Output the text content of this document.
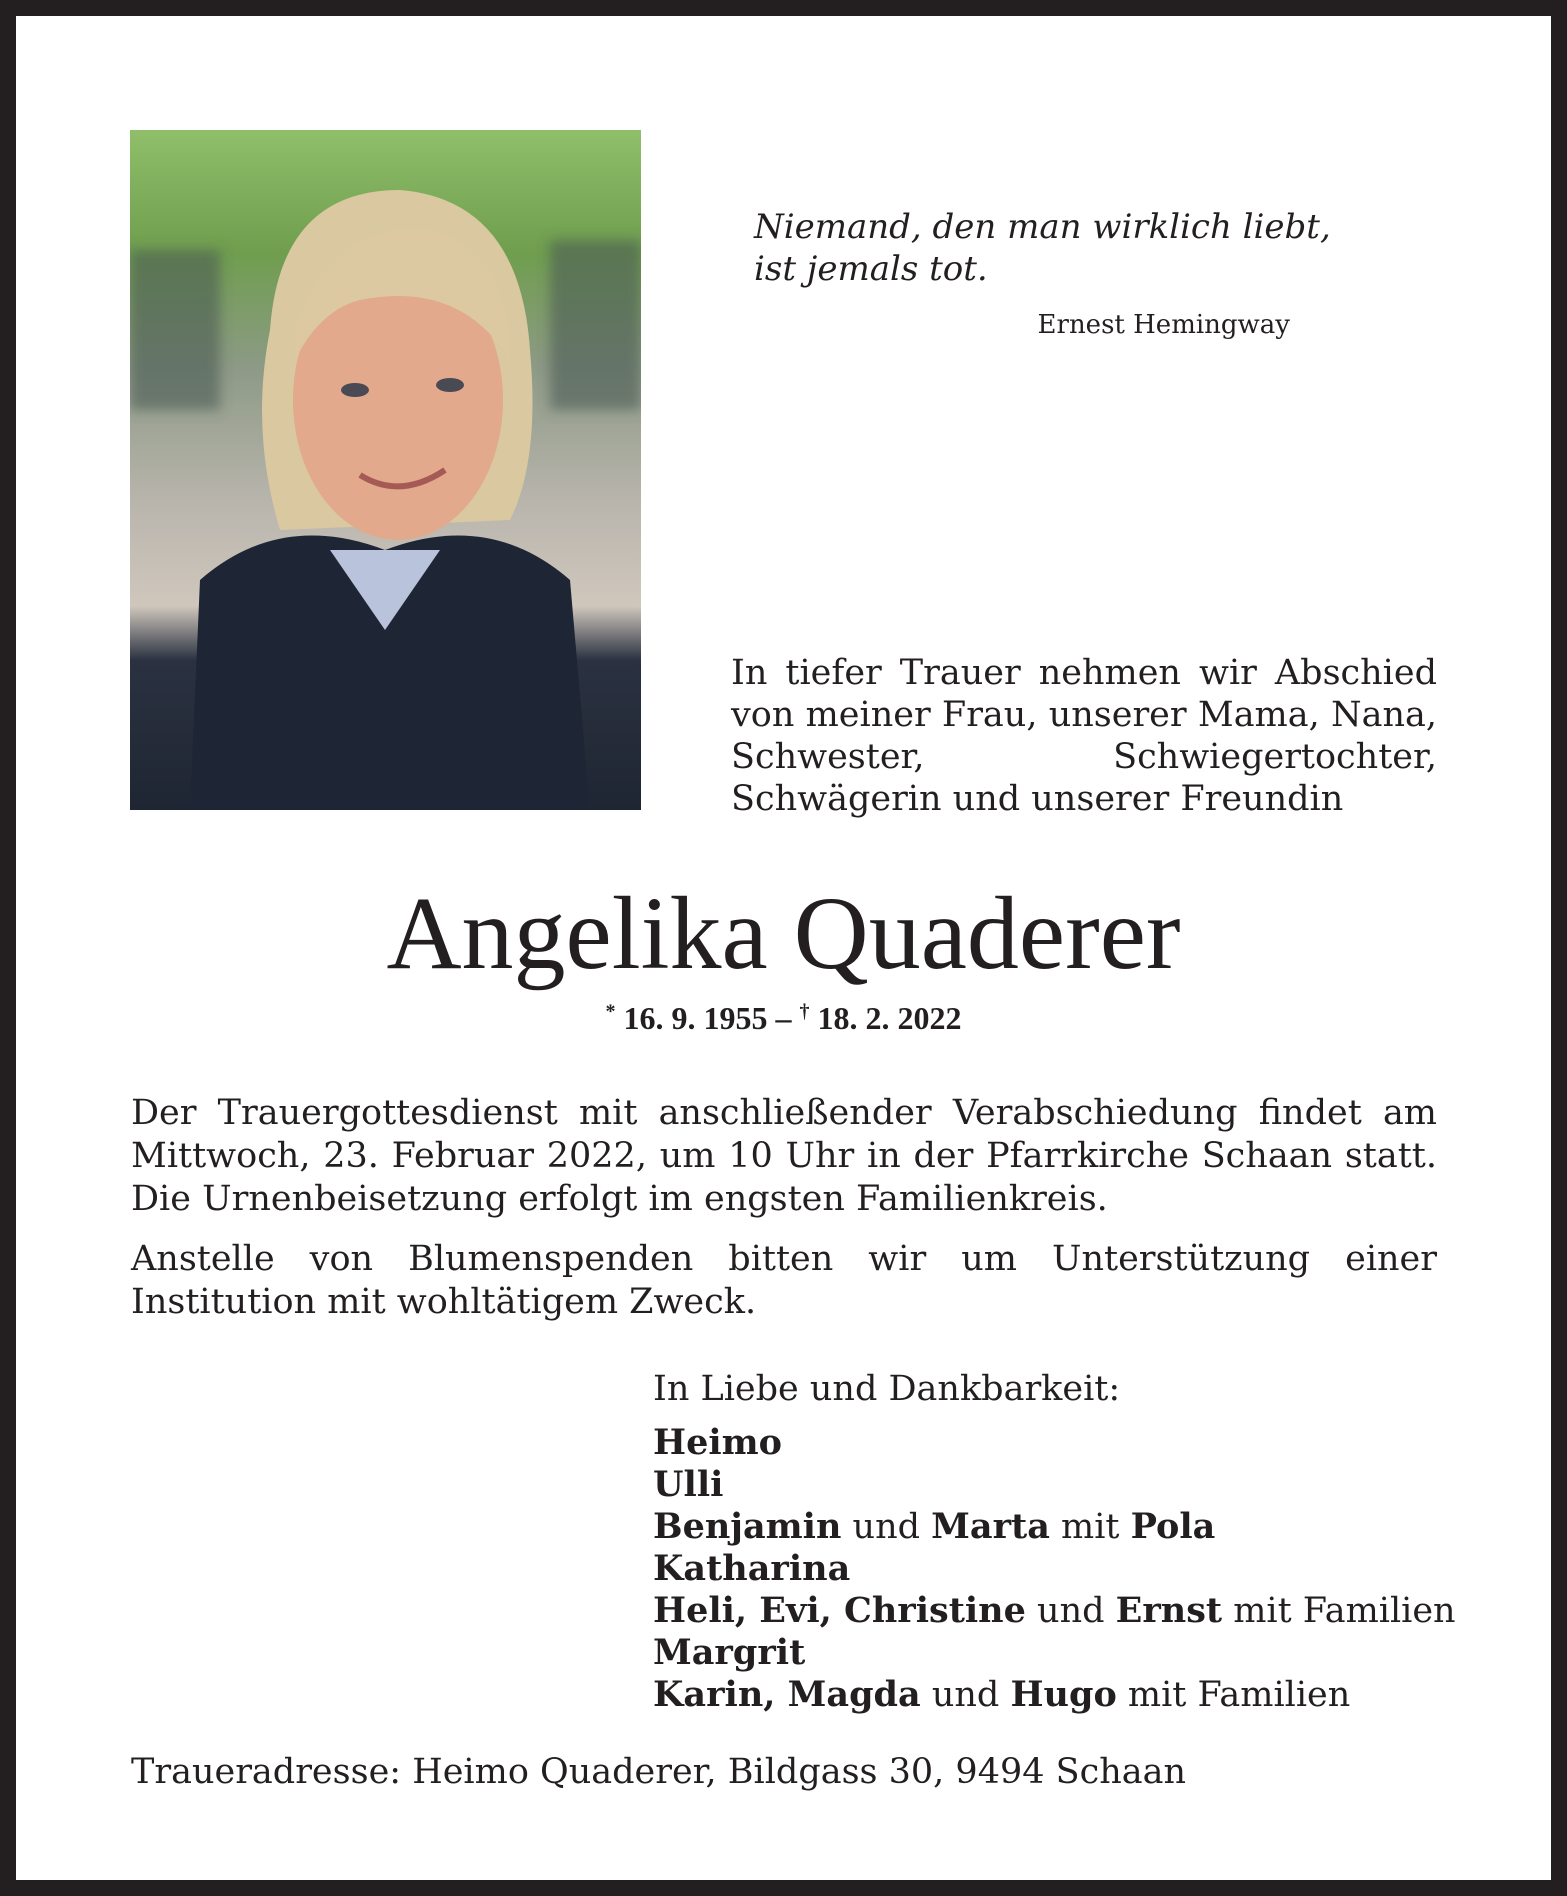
Niemand, den man wirklich liebt,
ist jemals tot.
Ernest Hemingway
In tiefer Trauer nehmen wir Abschied von meiner Frau, unserer Mama, Nana, Schwester, Schwiegertochter, Schwägerin und unserer Freundin
Angelika Quaderer
* 16. 9. 1955 – † 18. 2. 2022
Der Trauergottesdienst mit anschließender Verabschiedung findet am Mittwoch, 23. Februar 2022, um 10 Uhr in der Pfarrkirche Schaan statt. Die Urnenbeisetzung erfolgt im engsten Familienkreis.
Anstelle von Blumenspenden bitten wir um Unterstützung einer Institution mit wohltätigem Zweck.
In Liebe und Dankbarkeit:
Heimo
Ulli
Benjamin und Marta mit Pola
Katharina
Heli, Evi, Christine und Ernst mit Familien
Margrit
Karin, Magda und Hugo mit Familien
Traueradresse: Heimo Quaderer, Bildgass 30, 9494 Schaan
